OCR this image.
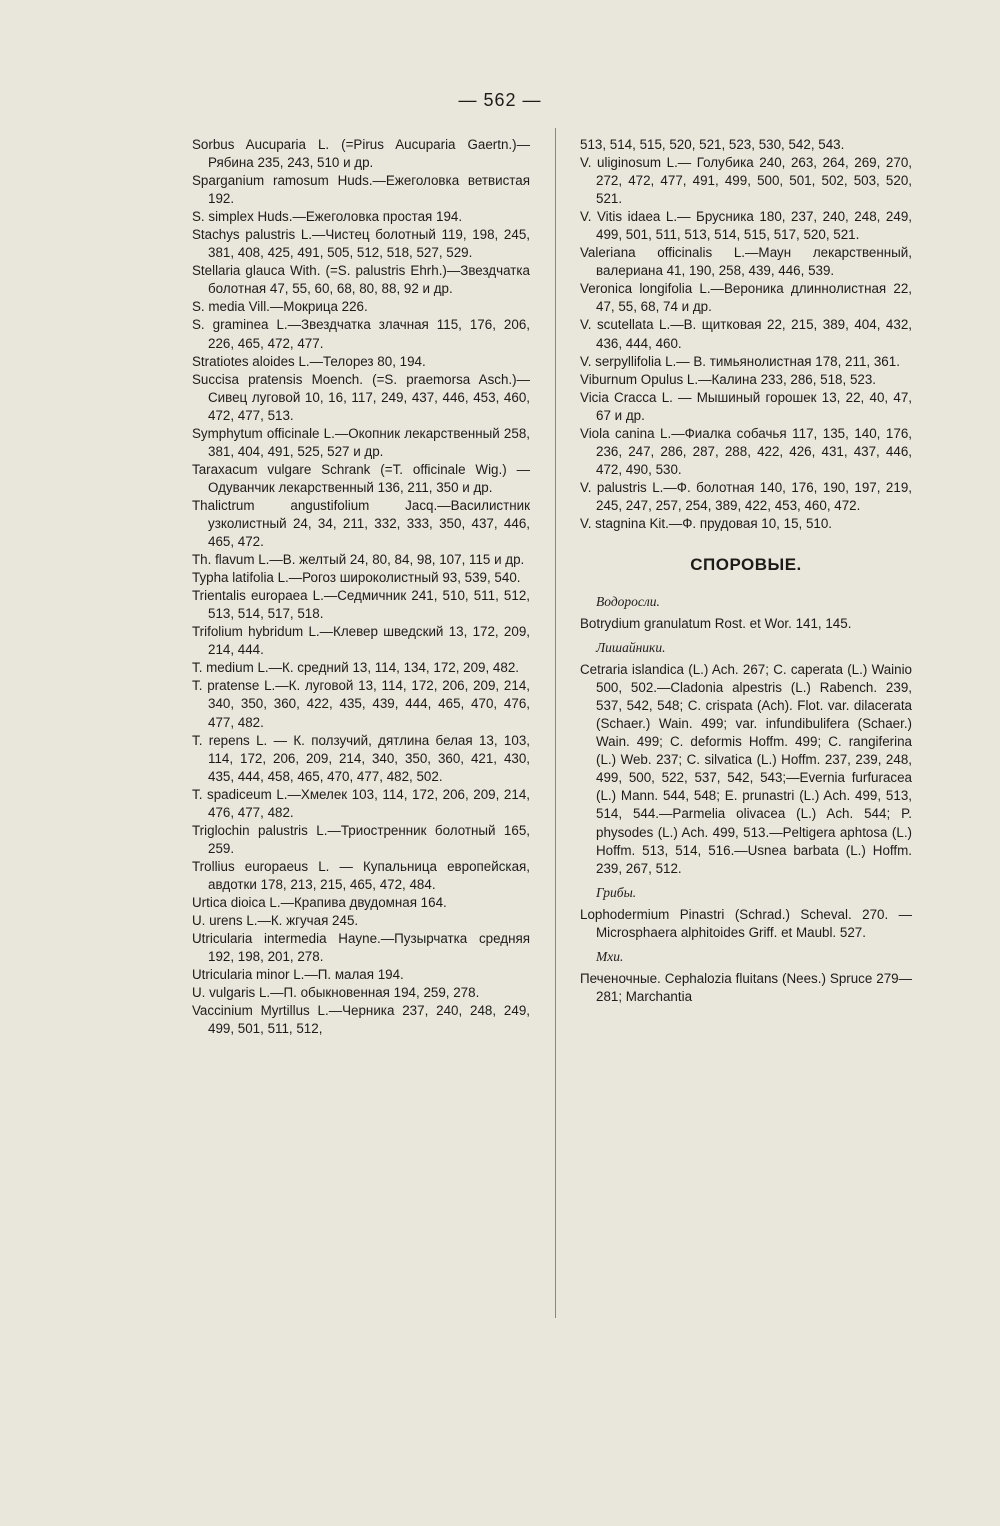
— 562 —
Sorbus Aucuparia L. (=Pirus Aucuparia Gaertn.)—Рябина 235, 243, 510 и др.
Sparganium ramosum Huds.—Ежеголовка ветвистая 192.
S. simplex Huds.—Ежеголовка простая 194.
Stachys palustris L.—Чистец болотный 119, 198, 245, 381, 408, 425, 491, 505, 512, 518, 527, 529.
Stellaria glauca With. (=S. palustris Ehrh.)—Звездчатка болотная 47, 55, 60, 68, 80, 88, 92 и др.
S. media Vill.—Мокрица 226.
S. graminea L.—Звездчатка злачная 115, 176, 206, 226, 465, 472, 477.
Stratiotes aloides L.—Телорез 80, 194.
Succisa pratensis Moench. (=S. praemorsa Asch.)—Сивец луговой 10, 16, 117, 249, 437, 446, 453, 460, 472, 477, 513.
Symphytum officinale L.—Окопник лекарственный 258, 381, 404, 491, 525, 527 и др.
Taraxacum vulgare Schrank (=T. officinale Wig.) — Одуванчик лекарственный 136, 211, 350 и др.
Thalictrum angustifolium Jacq.—Василистник узколистный 24, 34, 211, 332, 333, 350, 437, 446, 465, 472.
Th. flavum L.—В. желтый 24, 80, 84, 98, 107, 115 и др.
Typha latifolia L.—Рогоз широколистный 93, 539, 540.
Trientalis europaea L.—Седмичник 241, 510, 511, 512, 513, 514, 517, 518.
Trifolium hybridum L.—Клевер шведский 13, 172, 209, 214, 444.
T. medium L.—К. средний 13, 114, 134, 172, 209, 482.
T. pratense L.—К. луговой 13, 114, 172, 206, 209, 214, 340, 350, 360, 422, 435, 439, 444, 465, 470, 476, 477, 482.
T. repens L. — К. ползучий, дятлина белая 13, 103, 114, 172, 206, 209, 214, 340, 350, 360, 421, 430, 435, 444, 458, 465, 470, 477, 482, 502.
T. spadiceum L.—Хмелек 103, 114, 172, 206, 209, 214, 476, 477, 482.
Triglochin palustris L.—Триостренник болотный 165, 259.
Trollius europaeus L. — Купальница европейская, авдотки 178, 213, 215, 465, 472, 484.
Urtica dioica L.—Крапива двудомная 164.
U. urens L.—К. жгучая 245.
Utricularia intermedia Hayne.—Пузырчатка средняя 192, 198, 201, 278.
Utricularia minor L.—П. малая 194.
U. vulgaris L.—П. обыкновенная 194, 259, 278.
Vaccinium Myrtillus L.—Черника 237, 240, 248, 249, 499, 501, 511, 512,
513, 514, 515, 520, 521, 523, 530, 542, 543.
V. uliginosum L.— Голубика 240, 263, 264, 269, 270, 272, 472, 477, 491, 499, 500, 501, 502, 503, 520, 521.
V. Vitis idaea L.— Брусника 180, 237, 240, 248, 249, 499, 501, 511, 513, 514, 515, 517, 520, 521.
Valeriana officinalis L.—Маун лекарственный, валериана 41, 190, 258, 439, 446, 539.
Veronica longifolia L.—Вероника длиннолистная 22, 47, 55, 68, 74 и др.
V. scutellata L.—В. щитковая 22, 215, 389, 404, 432, 436, 444, 460.
V. serpyllifolia L.— В. тимьянолистная 178, 211, 361.
Viburnum Opulus L.—Калина 233, 286, 518, 523.
Vicia Cracca L. — Мышиный горошек 13, 22, 40, 47, 67 и др.
Viola canina L.—Фиалка собачья 117, 135, 140, 176, 236, 247, 286, 287, 288, 422, 426, 431, 437, 446, 472, 490, 530.
V. palustris L.—Ф. болотная 140, 176, 190, 197, 219, 245, 247, 257, 254, 389, 422, 453, 460, 472.
V. stagnina Kit.—Ф. прудовая 10, 15, 510.
СПОРОВЫЕ.
Водоросли.
Botrydium granulatum Rost. et Wor. 141, 145.
Лишайники.
Cetraria islandica (L.) Ach. 267; C. caperata (L.) Wainio 500, 502.—Cladonia alpestris (L.) Rabench. 239, 537, 542, 548; C. crispata (Ach). Flot. var. dilacerata (Schaer.) Wain. 499; var. infundibulifera (Schaer.) Wain. 499; C. deformis Hoffm. 499; C. rangiferina (L.) Web. 237; C. silvatica (L.) Hoffm. 237, 239, 248, 499, 500, 522, 537, 542, 543;—Evernia furfuracea (L.) Mann. 544, 548; E. prunastri (L.) Ach. 499, 513, 514, 544.—Parmelia olivacea (L.) Ach. 544; P. physodes (L.) Ach. 499, 513.—Peltigera aphtosa (L.) Hoffm. 513, 514, 516.—Usnea barbata (L.) Hoffm. 239, 267, 512.
Грибы.
Lophodermium Pinastri (Schrad.) Scheval. 270. — Microsphaera alphitoides Griff. et Maubl. 527.
Мхи.
Печеночные. Cephalozia fluitans (Nees.) Spruce 279—281; Marchantia
